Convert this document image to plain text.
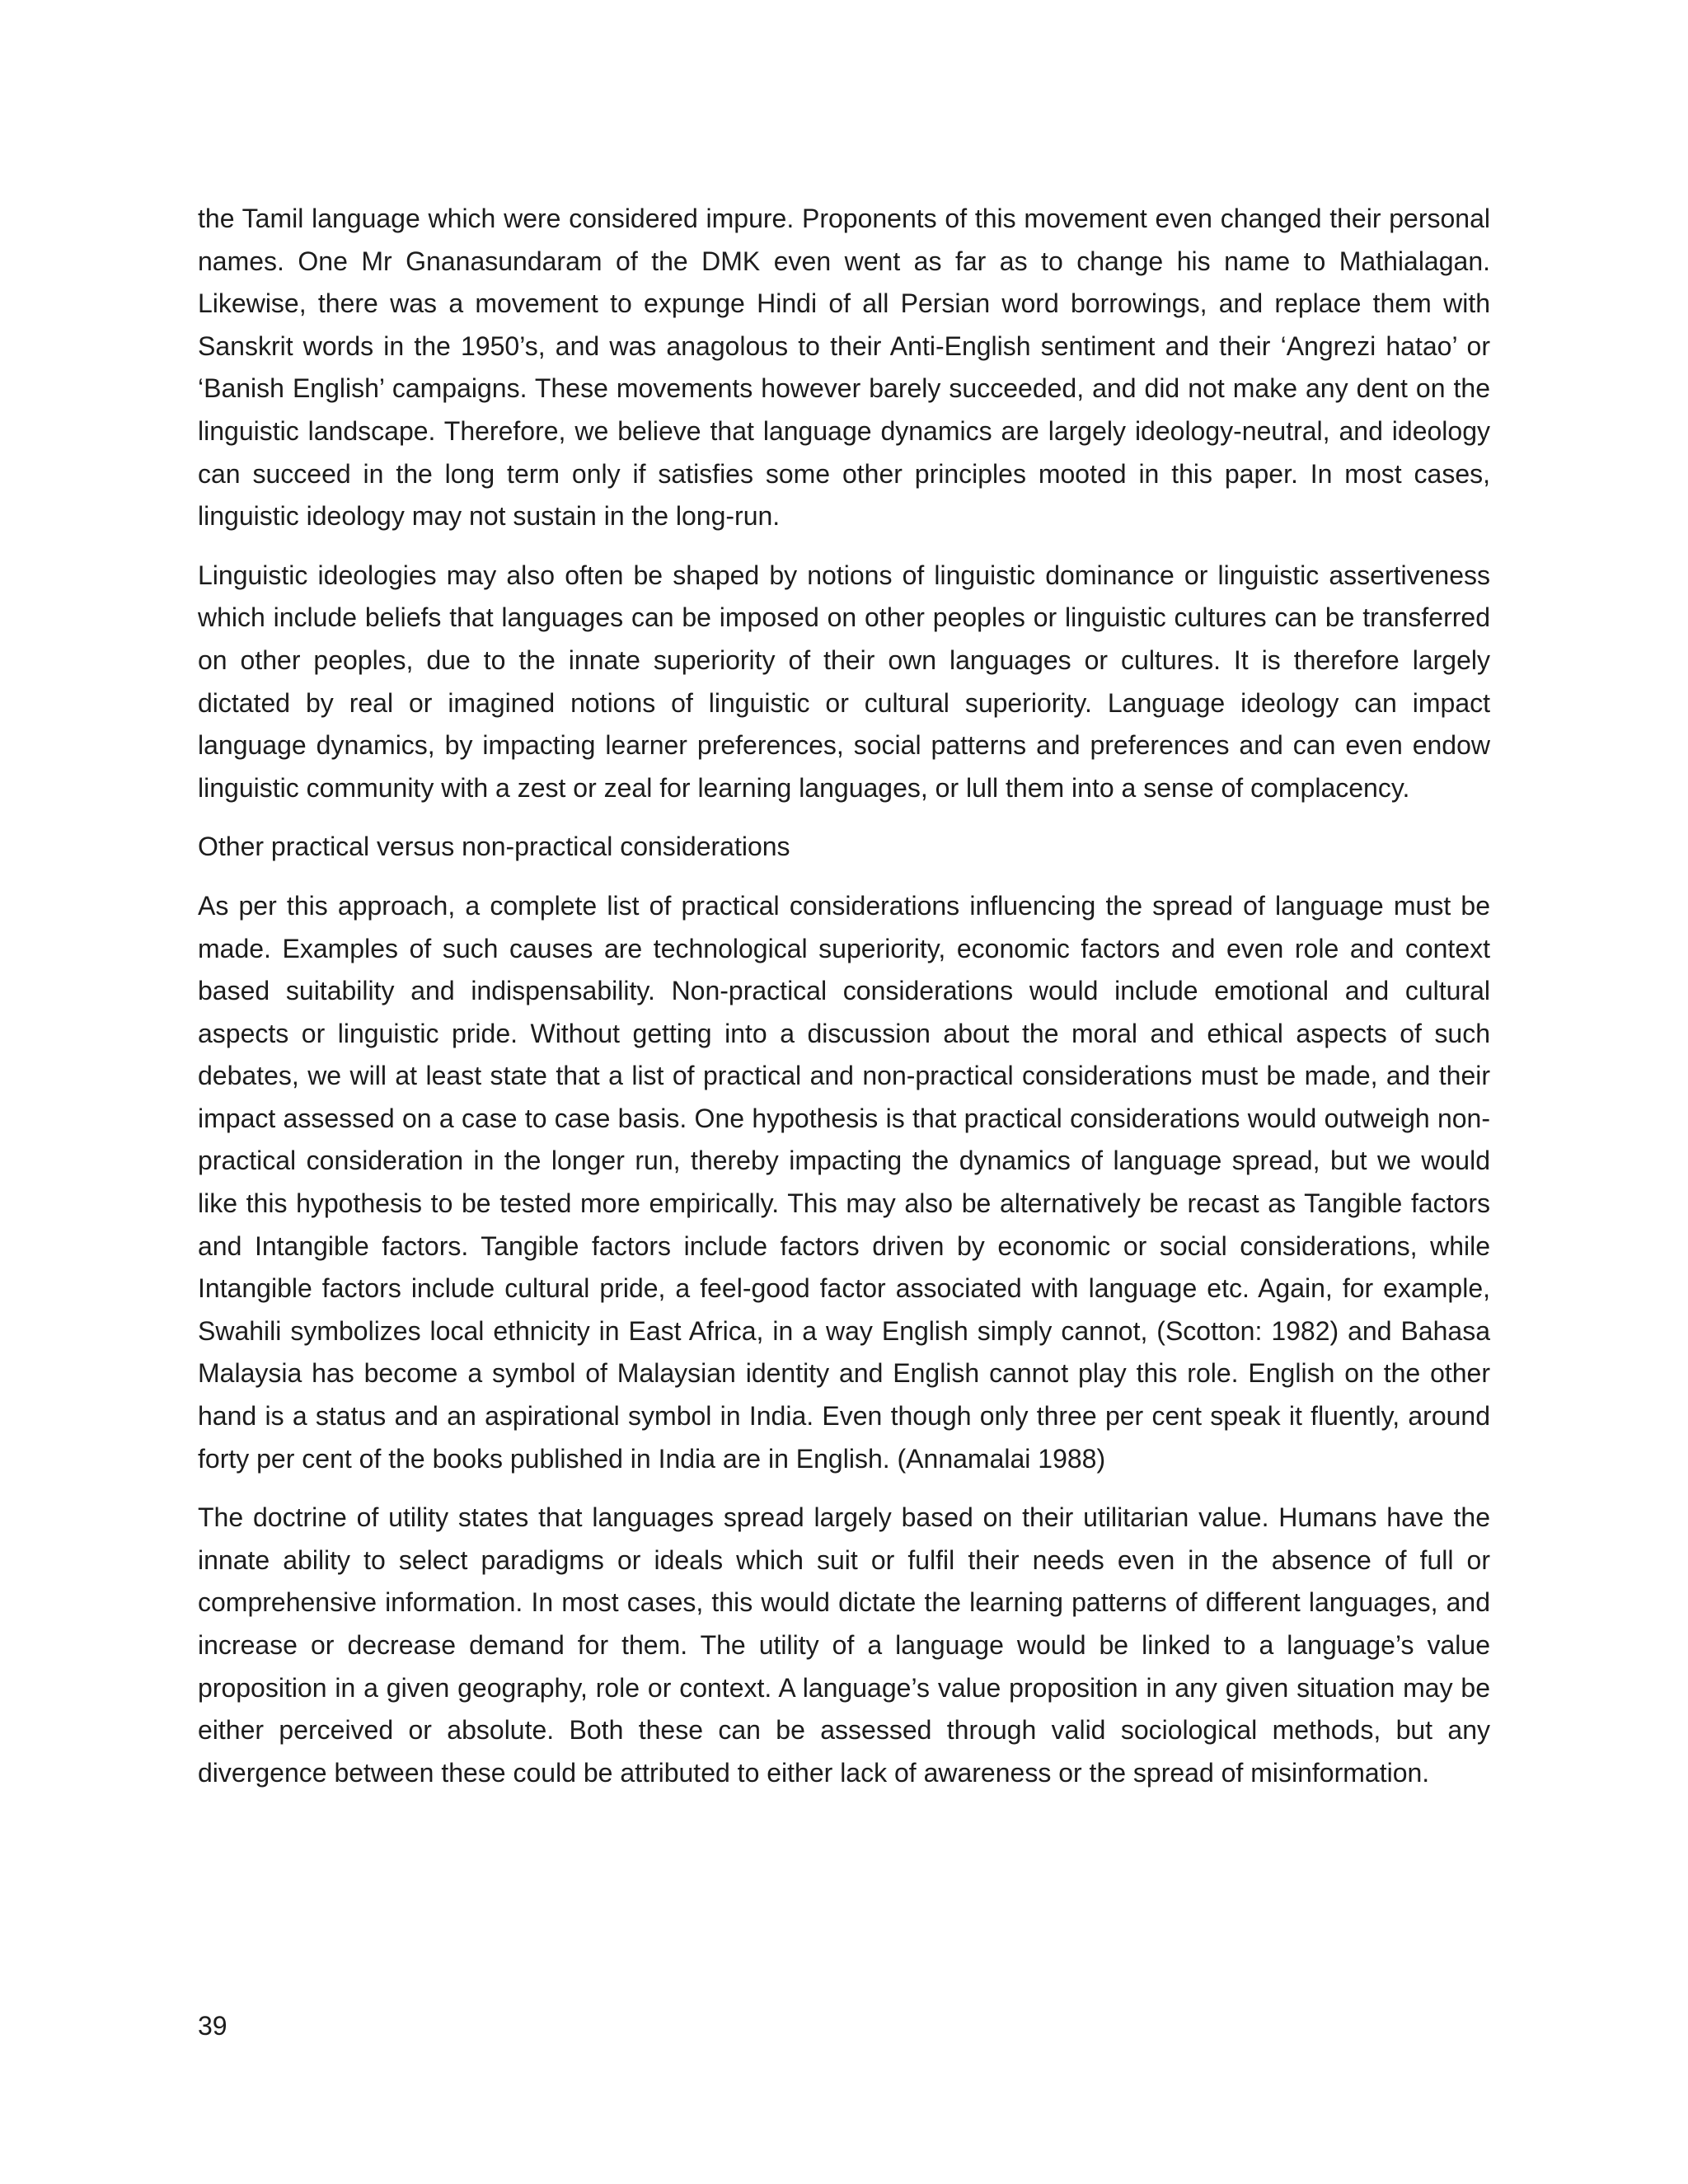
the Tamil language which were considered impure. Proponents of this movement even changed their personal names. One Mr Gnanasundaram of the DMK even went as far as to change his name to Mathialagan. Likewise, there was a movement to expunge Hindi of all Persian word borrowings, and replace them with Sanskrit words in the 1950’s, and was anagolous to their Anti-English sentiment and their ‘Angrezi hatao’ or ‘Banish English’ campaigns. These movements however barely succeeded, and did not make any dent on the linguistic landscape. Therefore, we believe that language dynamics are largely ideology-neutral, and ideology can succeed in the long term only if satisfies some other principles mooted in this paper. In most cases, linguistic ideology may not sustain in the long-run.

Linguistic ideologies may also often be shaped by notions of linguistic dominance or linguistic assertiveness which include beliefs that languages can be imposed on other peoples or linguistic cultures can be transferred on other peoples, due to the innate superiority of their own languages or cultures. It is therefore largely dictated by real or imagined notions of linguistic or cultural superiority. Language ideology can impact language dynamics, by impacting learner preferences, social patterns and preferences and can even endow linguistic community with a zest or zeal for learning languages, or lull them into a sense of complacency.

Other practical versus non-practical considerations

As per this approach, a complete list of practical considerations influencing the spread of language must be made. Examples of such causes are technological superiority, economic factors and even role and context based suitability and indispensability. Non-practical considerations would include emotional and cultural aspects or linguistic pride. Without getting into a discussion about the moral and ethical aspects of such debates, we will at least state that a list of practical and non-practical considerations must be made, and their impact assessed on a case to case basis. One hypothesis is that practical considerations would outweigh non-practical consideration in the longer run, thereby impacting the dynamics of language spread, but we would like this hypothesis to be tested more empirically. This may also be alternatively be recast as Tangible factors and Intangible factors. Tangible factors include factors driven by economic or social considerations, while Intangible factors include cultural pride, a feel-good factor associated with language etc. Again, for example, Swahili symbolizes local ethnicity in East Africa, in a way English simply cannot, (Scotton: 1982) and Bahasa Malaysia has become a symbol of Malaysian identity and English cannot play this role. English on the other hand is a status and an aspirational symbol in India. Even though only three per cent speak it fluently, around forty per cent of the books published in India are in English. (Annamalai 1988)

The doctrine of utility states that languages spread largely based on their utilitarian value. Humans have the innate ability to select paradigms or ideals which suit or fulfil their needs even in the absence of full or comprehensive information. In most cases, this would dictate the learning patterns of different languages, and increase or decrease demand for them. The utility of a language would be linked to a language’s value proposition in a given geography, role or context. A language’s value proposition in any given situation may be either perceived or absolute. Both these can be assessed through valid sociological methods, but any divergence between these could be attributed to either lack of awareness or the spread of misinformation.

39
